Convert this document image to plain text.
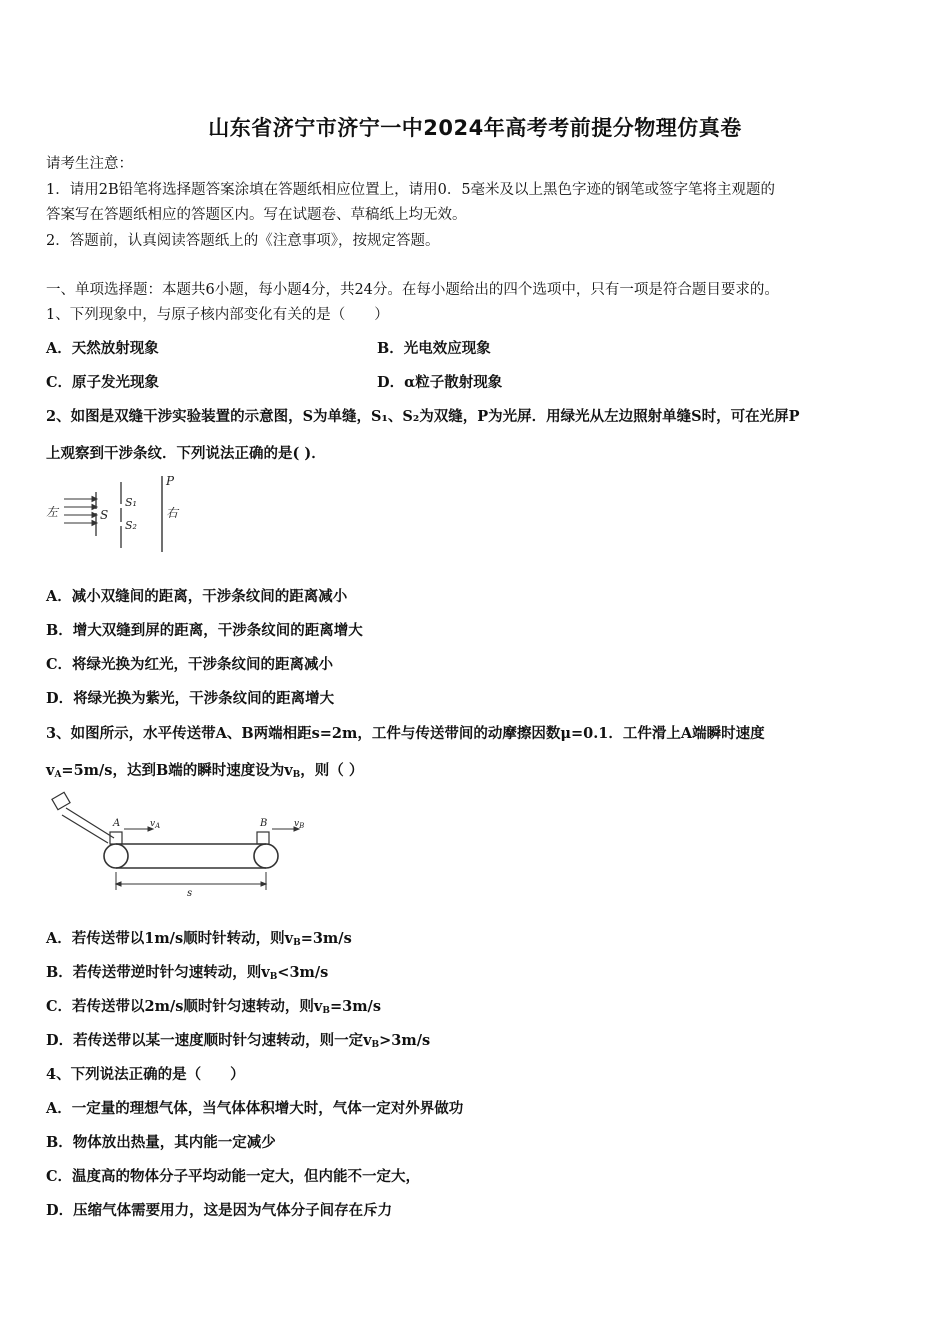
山东省济宁市济宁一中2024年高考考前提分物理仿真卷
请考生注意：
1．请用2B铅笔将选择题答案涂填在答题纸相应位置上，请用0．5毫米及以上黑色字迹的钢笔或签字笔将主观题的
答案写在答题纸相应的答题区内。写在试题卷、草稿纸上均无效。
2．答题前，认真阅读答题纸上的《注意事项》，按规定答题。
一、单项选择题：本题共6小题，每小题4分，共24分。在每小题给出的四个选项中，只有一项是符合题目要求的。
1、下列现象中，与原子核内部变化有关的是（　　）
A．天然放射现象	B．光电效应现象
C．原子发光现象	D．α粒子散射现象
2、如图是双缝干涉实验装置的示意图，S为单缝，S₁、S₂为双缝，P为光屏．用绿光从左边照射单缝S时，可在光屏P
上观察到干涉条纹．下列说法正确的是( )．
左	S
S₁
S₂
P
右
A．减小双缝间的距离，干涉条纹间的距离减小
B．增大双缝到屏的距离，干涉条纹间的距离增大
C．将绿光换为红光，干涉条纹间的距离减小
D．将绿光换为紫光，干涉条纹间的距离增大
3、如图所示，水平传送带A、B两端相距s=2m，工件与传送带间的动摩擦因数μ=0.1．工件滑上A端瞬时速度
$v_A=5m/s$，达到B端的瞬时速度设为$v_B$，则（ ）
A	B
$v_A$	$v_B$
s
A．若传送带以1m/s顺时针转动，则$v_B=3m/s$
B．若传送带逆时针匀速转动，则$v_B<3m/s$
C．若传送带以2m/s顺时针匀速转动，则$v_B=3m/s$
D．若传送带以某一速度顺时针匀速转动，则一定$v_B>3m/s$
4、下列说法正确的是（　　）
A．一定量的理想气体，当气体体积增大时，气体一定对外界做功
B．物体放出热量，其内能一定减少
C．温度高的物体分子平均动能一定大，但内能不一定大，
D．压缩气体需要用力，这是因为气体分子间存在斥力
